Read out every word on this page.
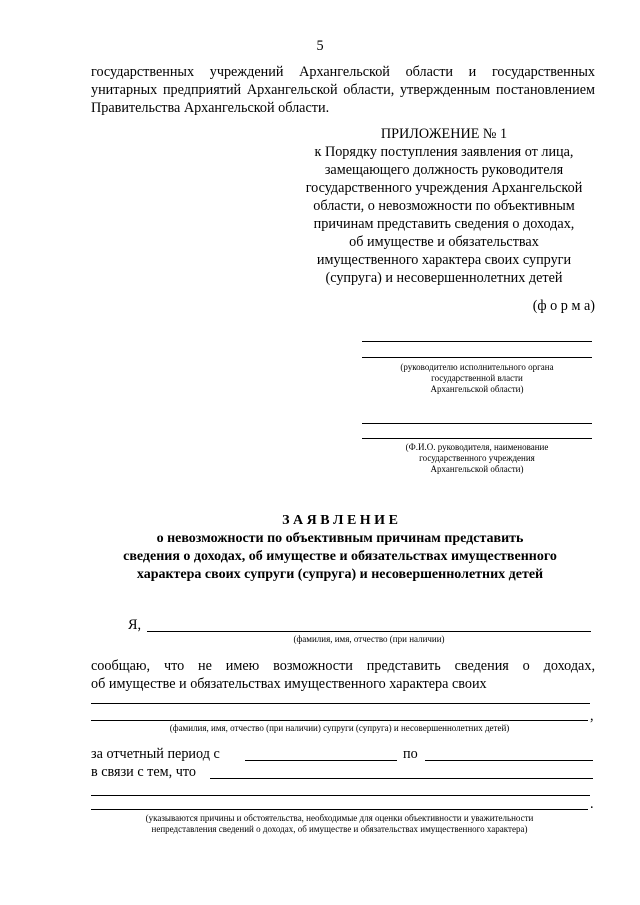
5
государственных учреждений Архангельской области и государственных
унитарных предприятий Архангельской области, утвержденным постановлением
Правительства Архангельской области.
ПРИЛОЖЕНИЕ № 1
к Порядку поступления заявления от лица,
замещающего должность руководителя
государственного учреждения Архангельской
области, о невозможности по объективным
причинам представить сведения о доходах,
об имуществе и обязательствах
имущественного характера своих супруги
(супруга) и несовершеннолетних детей
(ф о р м а)
(руководителю исполнительного органа
государственной власти
Архангельской области)
(Ф.И.О. руководителя, наименование
государственного учреждения
Архангельской области)
З А Я В Л Е Н И Е
о невозможности по объективным причинам представить
сведения о доходах, об имуществе и обязательствах имущественного
характера своих супруги (супруга) и несовершеннолетних детей
Я,
(фамилия, имя, отчество (при наличии)
сообщаю, что не имею возможности представить сведения о доходах,
об имуществе и обязательствах имущественного характера своих
,
(фамилия, имя, отчество (при наличии) супруги (супруга) и несовершеннолетних детей)
за отчетный период с	по
в связи с тем, что
.
(указываются причины и обстоятельства, необходимые для оценки объективности и уважительности
непредставления сведений о доходах, об имуществе и обязательствах имущественного характера)
